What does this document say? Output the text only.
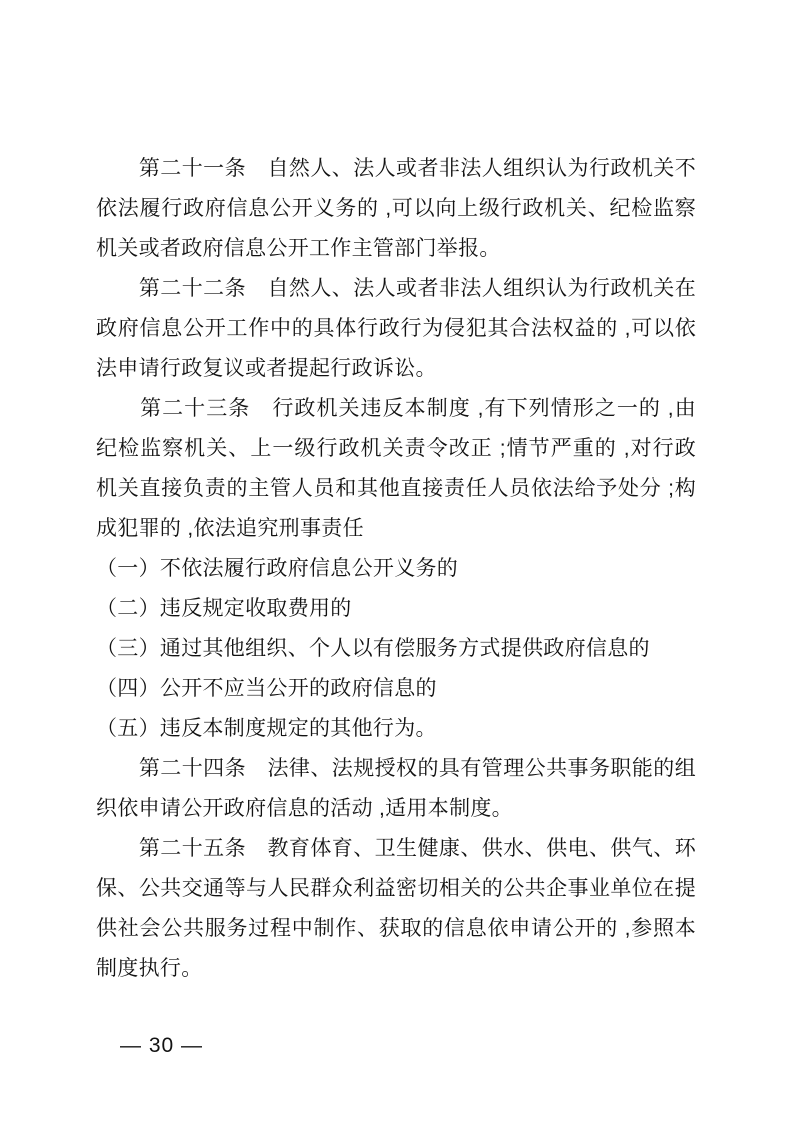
　　第二十一条　自然人、法人或者非法人组织认为行政机关不
依法履行政府信息公开义务的 ,可以向上级行政机关、纪检监察
机关或者政府信息公开工作主管部门举报。
　　第二十二条　自然人、法人或者非法人组织认为行政机关在
政府信息公开工作中的具体行政行为侵犯其合法权益的 ,可以依
法申请行政复议或者提起行政诉讼。
　　第二十三条　行政机关违反本制度 ,有下列情形之一的 ,由
纪检监察机关、上一级行政机关责令改正 ;情节严重的 ,对行政
机关直接负责的主管人员和其他直接责任人员依法给予处分 ;构
成犯罪的 ,依法追究刑事责任
（一）不依法履行政府信息公开义务的
（二）违反规定收取费用的
（三）通过其他组织、个人以有偿服务方式提供政府信息的
（四）公开不应当公开的政府信息的
（五）违反本制度规定的其他行为。
　　第二十四条　法律、法规授权的具有管理公共事务职能的组
织依申请公开政府信息的活动 ,适用本制度。
　　第二十五条　教育体育、卫生健康、供水、供电、供气、环
保、公共交通等与人民群众利益密切相关的公共企事业单位在提
供社会公共服务过程中制作、获取的信息依申请公开的 ,参照本
制度执行。
— 30 —
